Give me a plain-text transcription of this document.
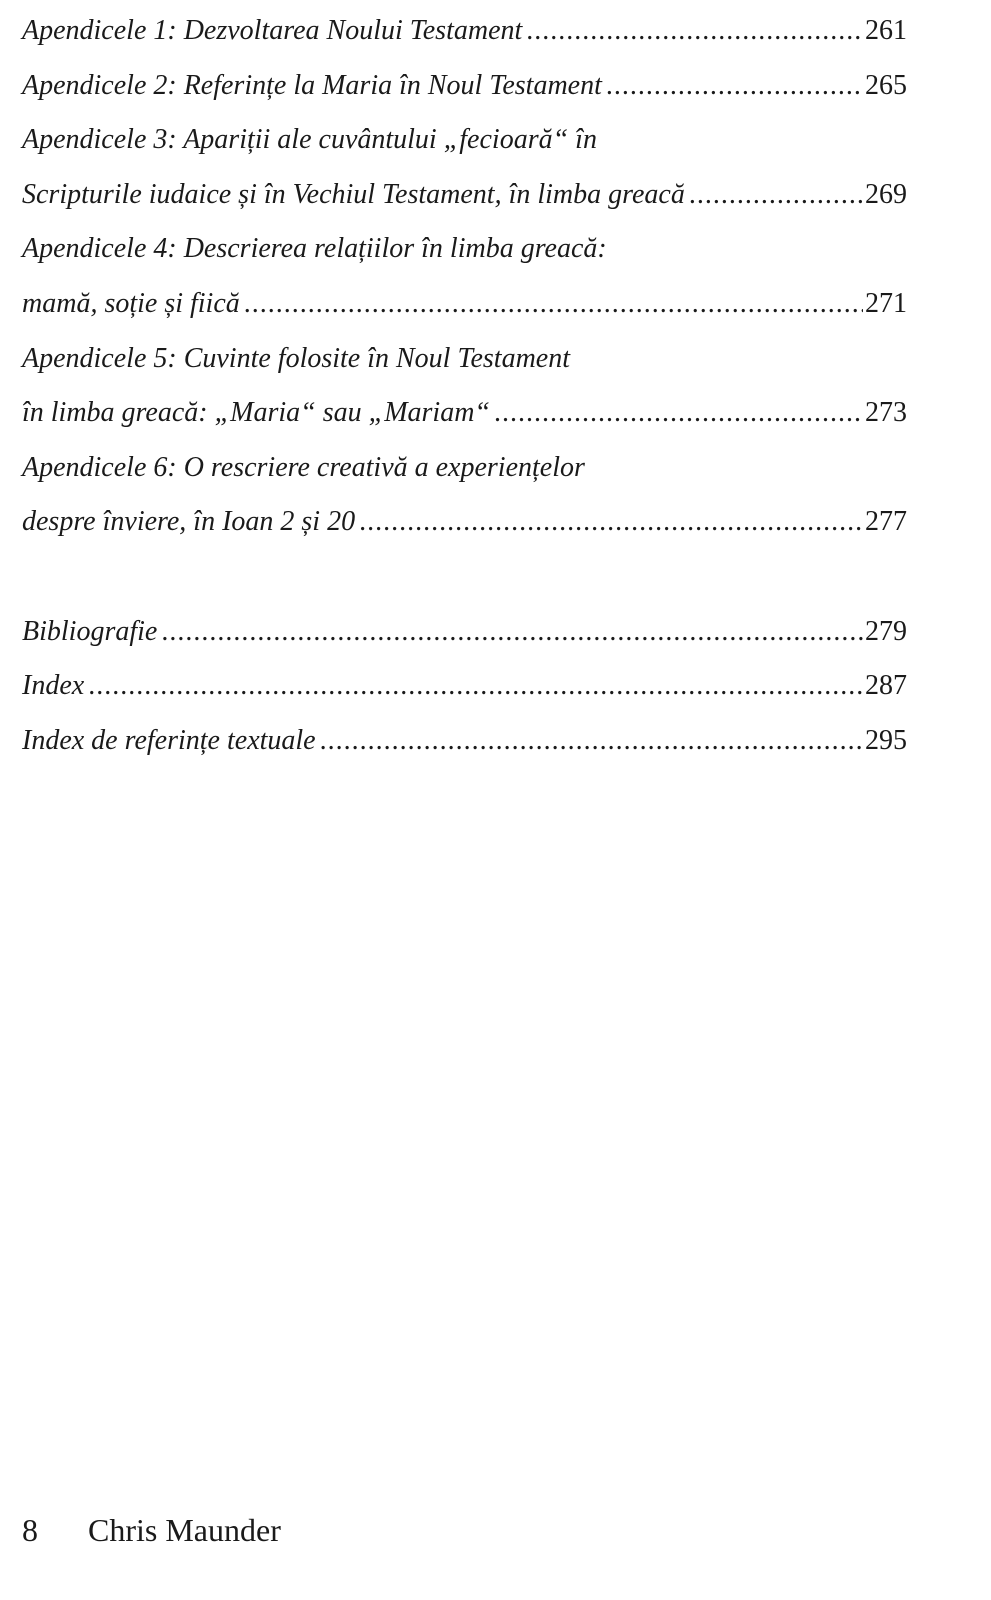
Apendicele 1: Dezvoltarea Noului Testament .....	261
Apendicele 2: Referințe la Maria în Noul Testament .....	265
Apendicele 3: Apariții ale cuvântului „fecioară“ în
Scripturile iudaice și în Vechiul Testament, în limba greacă .....	269
Apendicele 4: Descrierea relațiilor în limba greacă:
mamă, soție și fiică .....	271
Apendicele 5: Cuvinte folosite în Noul Testament
în limba greacă: „Maria“ sau „Mariam“ .....	273
Apendicele 6: O rescriere creativă a experiențelor
despre înviere, în Ioan 2 și 20 .....	277
Bibliografie .....	279
Index .....	287
Index de referințe textuale .....	295
8 Chris Maunder
